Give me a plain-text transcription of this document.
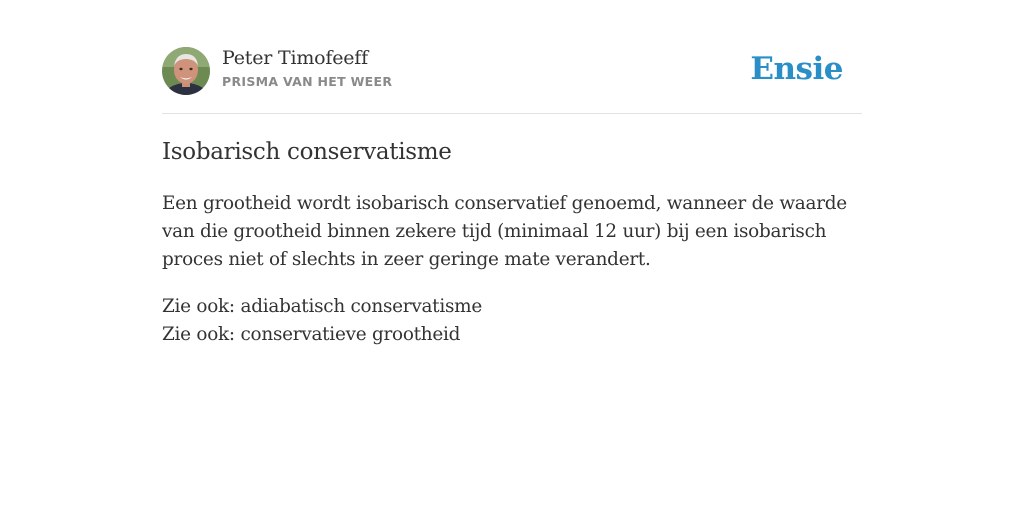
Peter Timofeeff
PRISMA VAN HET WEER	Ensie
Isobarisch conservatisme

Een grootheid wordt isobarisch conservatief genoemd, wanneer de waarde van die grootheid binnen zekere tijd (minimaal 12 uur) bij een isobarisch proces niet of slechts in zeer geringe mate verandert.

Zie ook: adiabatisch conservatisme
Zie ook: conservatieve grootheid
